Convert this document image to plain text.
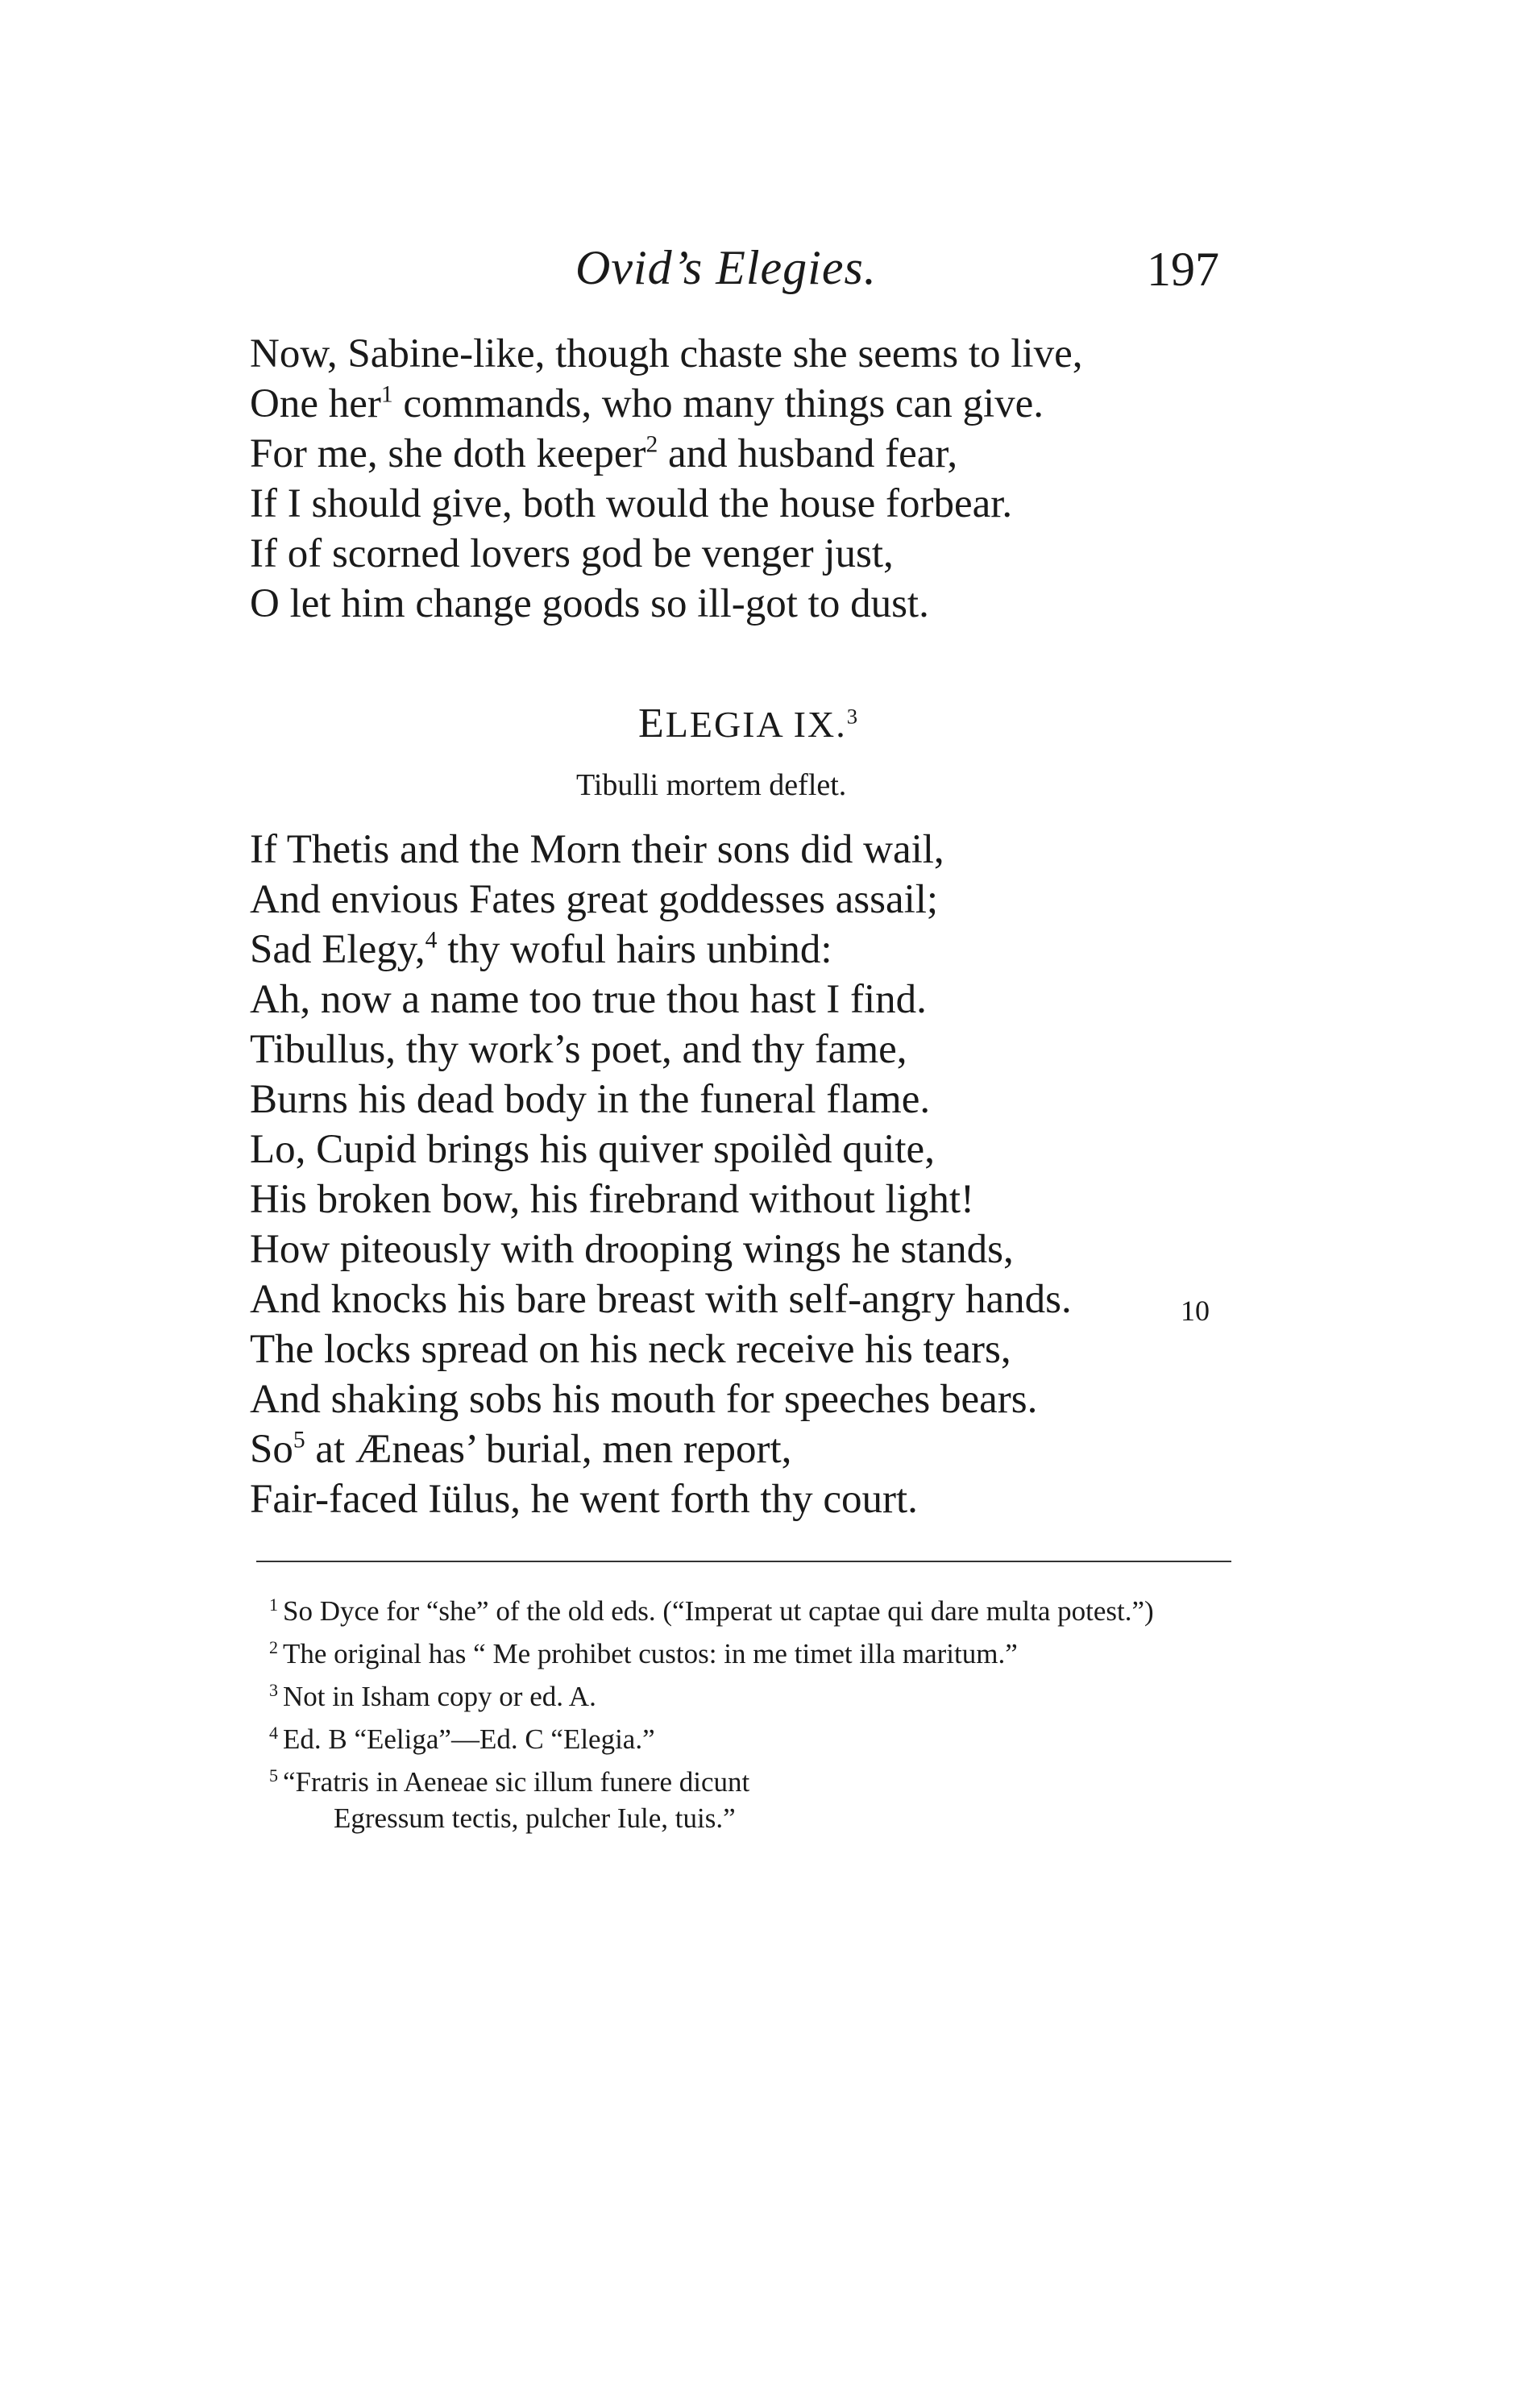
Ovid’s Elegies.	197
Now, Sabine-like, though chaste she seems to live,
One her$^1$ commands, who many things can give.
For me, she doth keeper$^2$ and husband fear,
If I should give, both would the house forbear.
If of scorned lovers god be venger just,
O let him change goods so ill-got to dust.
ELEGIA IX.$^3$
Tibulli mortem deflet.
If Thetis and the Morn their sons did wail,
And envious Fates great goddesses assail;
Sad Elegy,$^4$ thy woful hairs unbind:
Ah, now a name too true thou hast I find.
Tibullus, thy work’s poet, and thy fame,
Burns his dead body in the funeral flame.
Lo, Cupid brings his quiver spoilèd quite,
His broken bow, his firebrand without light!
How piteously with drooping wings he stands,
And knocks his bare breast with self-angry hands.	10
The locks spread on his neck receive his tears,
And shaking sobs his mouth for speeches bears.
So$^5$ at Æneas’ burial, men report,
Fair-faced Iülus, he went forth thy court.
$^1$ So Dyce for “she” of the old eds. (“Imperat ut captae qui dare multa potest.”)
$^2$ The original has “ Me prohibet custos: in me timet illa maritum.”
$^3$ Not in Isham copy or ed. A.
$^4$ Ed. B “Eeliga”—Ed. C “Elegia.”
$^5$ “Fratris in Aeneae sic illum funere dicunt
Egressum tectis, pulcher Iule, tuis.”
